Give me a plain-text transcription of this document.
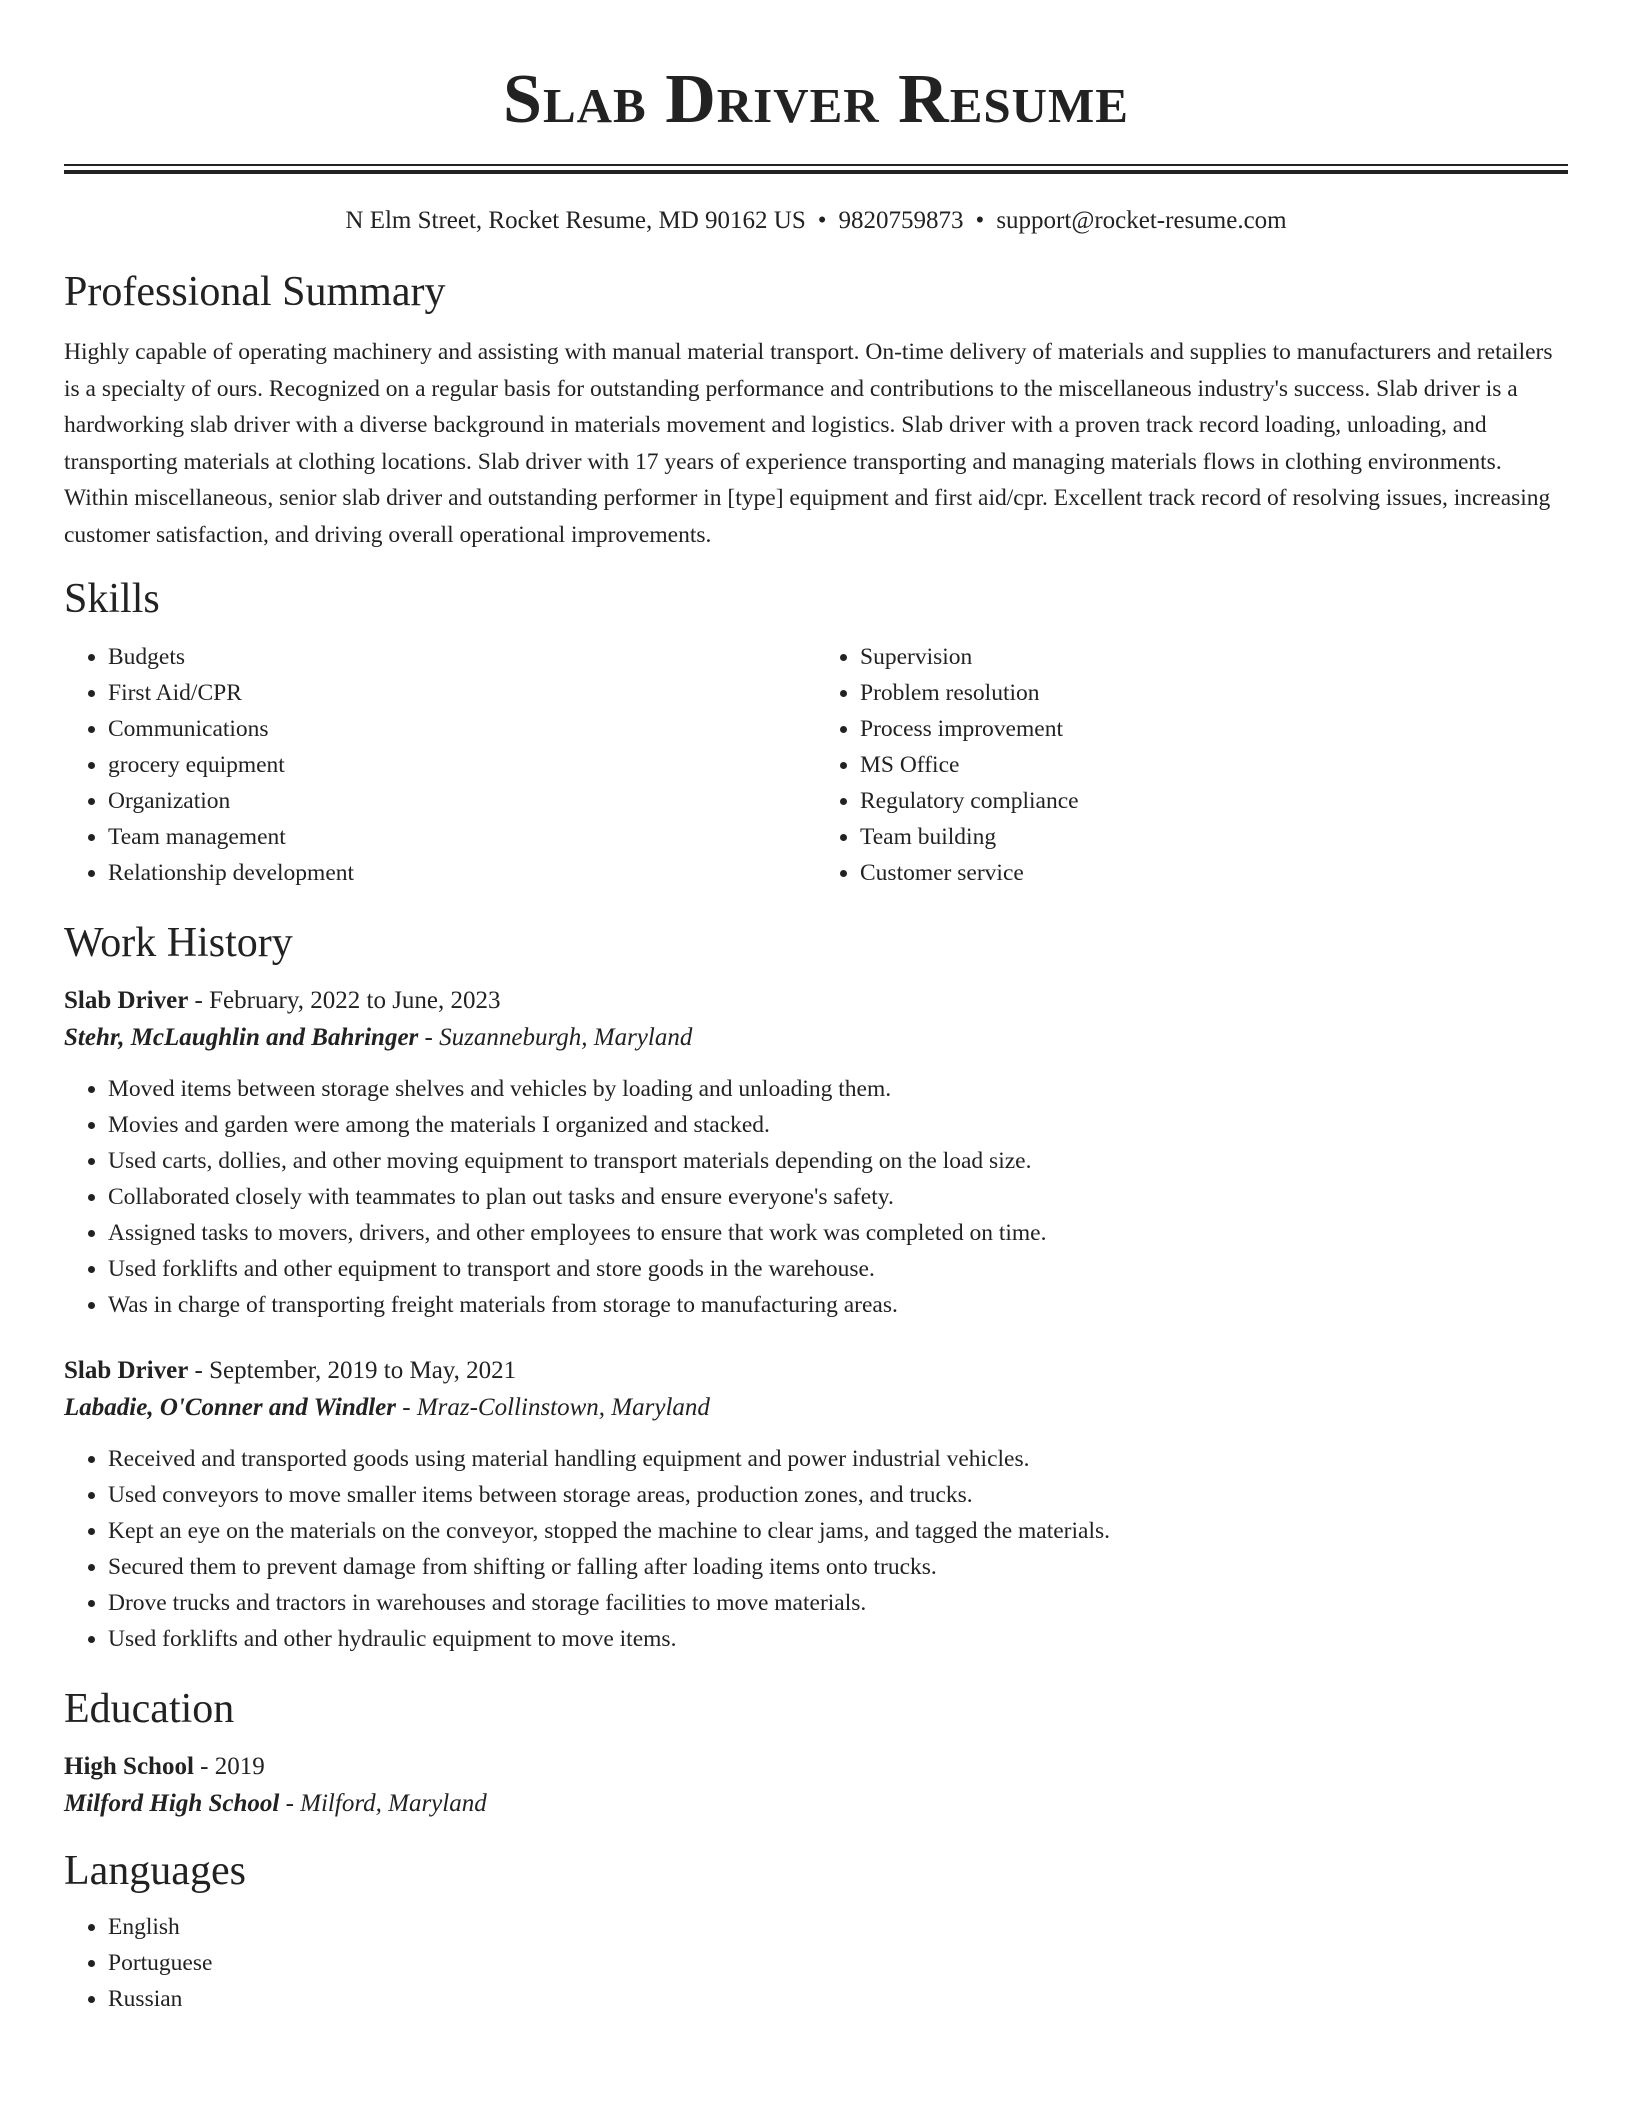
Slab Driver Resume
N Elm Street, Rocket Resume, MD 90162 US • 9820759873 • support@rocket-resume.com
Professional Summary

Highly capable of operating machinery and assisting with manual material transport. On-time delivery of materials and supplies to manufacturers and retailers is a specialty of ours. Recognized on a regular basis for outstanding performance and contributions to the miscellaneous industry's success. Slab driver is a hardworking slab driver with a diverse background in materials movement and logistics. Slab driver with a proven track record loading, unloading, and transporting materials at clothing locations. Slab driver with 17 years of experience transporting and managing materials flows in clothing environments. Within miscellaneous, senior slab driver and outstanding performer in [type] equipment and first aid/cpr. Excellent track record of resolving issues, increasing customer satisfaction, and driving overall operational improvements.

Skills
• Budgets
• First Aid/CPR
• Communications
• grocery equipment
• Organization
• Team management
• Relationship development
• Supervision
• Problem resolution
• Process improvement
• MS Office
• Regulatory compliance
• Team building
• Customer service
Work History
Slab Driver - February, 2022 to June, 2023
Stehr, McLaughlin and Bahringer - Suzanneburgh, Maryland
• Moved items between storage shelves and vehicles by loading and unloading them.
• Movies and garden were among the materials I organized and stacked.
• Used carts, dollies, and other moving equipment to transport materials depending on the load size.
• Collaborated closely with teammates to plan out tasks and ensure everyone's safety.
• Assigned tasks to movers, drivers, and other employees to ensure that work was completed on time.
• Used forklifts and other equipment to transport and store goods in the warehouse.
• Was in charge of transporting freight materials from storage to manufacturing areas.
Slab Driver - September, 2019 to May, 2021
Labadie, O'Conner and Windler - Mraz-Collinstown, Maryland
• Received and transported goods using material handling equipment and power industrial vehicles.
• Used conveyors to move smaller items between storage areas, production zones, and trucks.
• Kept an eye on the materials on the conveyor, stopped the machine to clear jams, and tagged the materials.
• Secured them to prevent damage from shifting or falling after loading items onto trucks.
• Drove trucks and tractors in warehouses and storage facilities to move materials.
• Used forklifts and other hydraulic equipment to move items.
Education
High School - 2019
Milford High School - Milford, Maryland
Languages
• English
• Portuguese
• Russian
